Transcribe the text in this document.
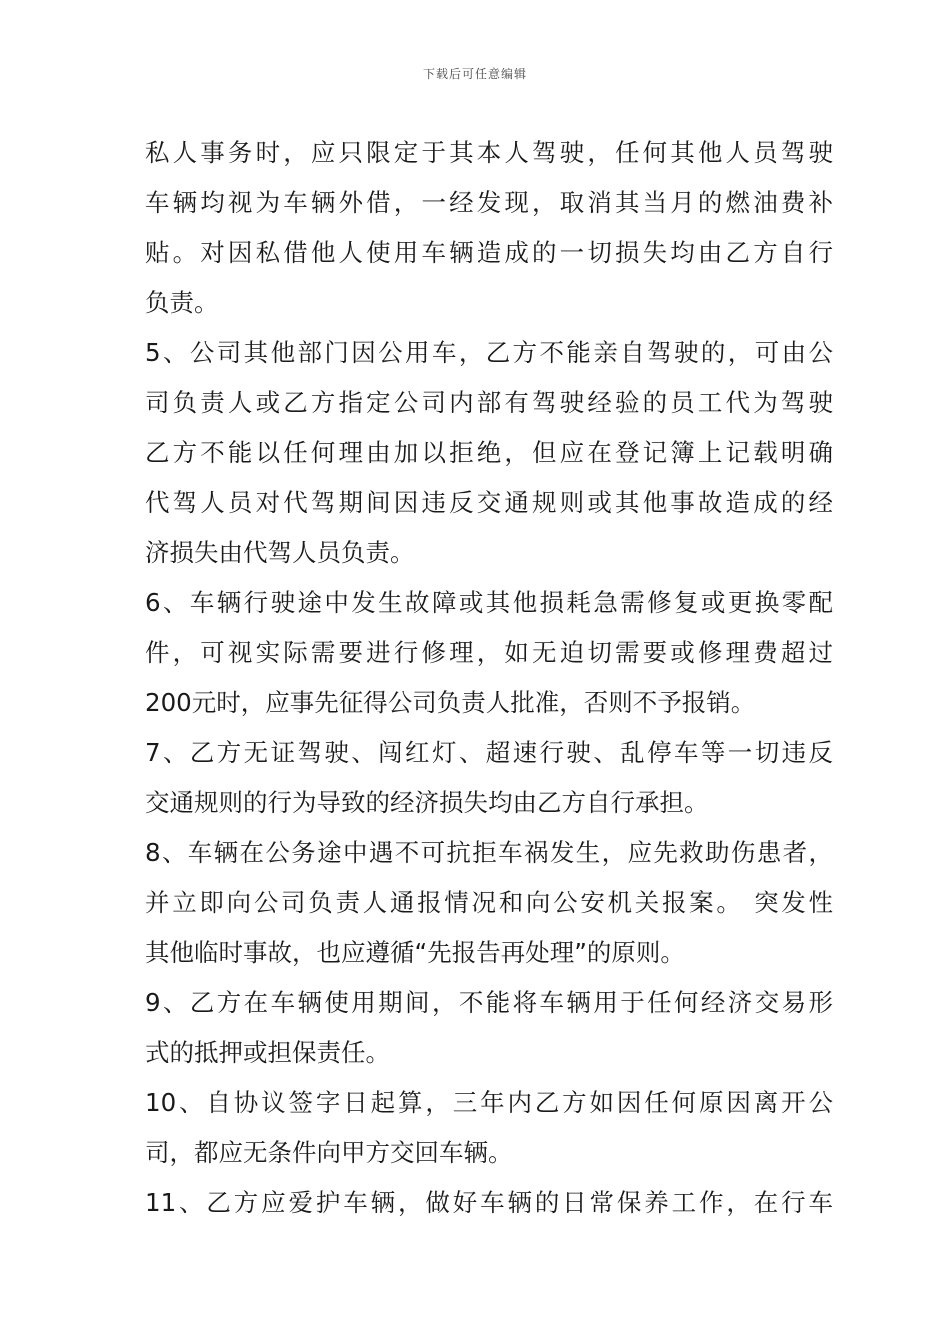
下载后可任意编辑
私人事务时，应只限定于其本人驾驶，任何其他人员驾驶
车辆均视为车辆外借，一经发现，取消其当月的燃油费补
贴。对因私借他人使用车辆造成的一切损失均由乙方自行
负责。
5、公司其他部门因公用车，乙方不能亲自驾驶的，可由公
司负责人或乙方指定公司内部有驾驶经验的员工代为驾驶
乙方不能以任何理由加以拒绝，但应在登记簿上记载明确
代驾人员对代驾期间因违反交通规则或其他事故造成的经
济损失由代驾人员负责。
6、车辆行驶途中发生故障或其他损耗急需修复或更换零配
件，可视实际需要进行修理，如无迫切需要或修理费超过
200元时，应事先征得公司负责人批准，否则不予报销。
7、乙方无证驾驶、闯红灯、超速行驶、乱停车等一切违反
交通规则的行为导致的经济损失均由乙方自行承担。
8、车辆在公务途中遇不可抗拒车祸发生，应先救助伤患者，
并立即向公司负责人通报情况和向公安机关报案。 突发性
其他临时事故，也应遵循“先报告再处理”的原则。
9、乙方在车辆使用期间，不能将车辆用于任何经济交易形
式的抵押或担保责任。
10、自协议签字日起算，三年内乙方如因任何原因离开公
司，都应无条件向甲方交回车辆。
11、乙方应爱护车辆，做好车辆的日常保养工作，在行车
